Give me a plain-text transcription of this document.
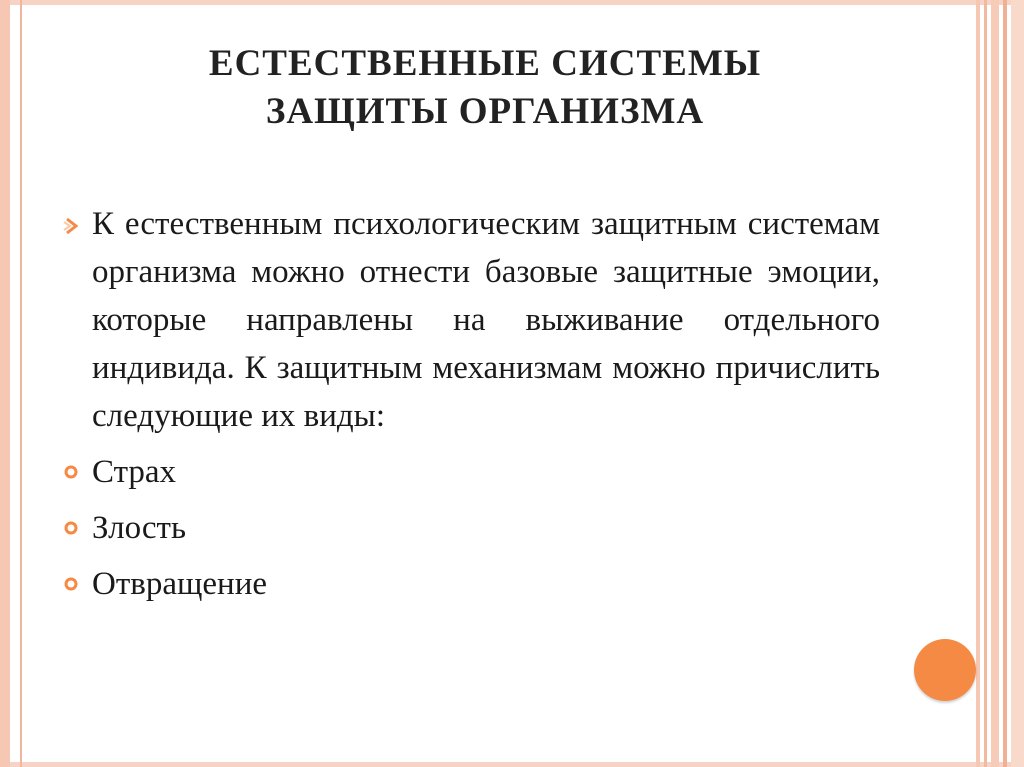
ЕСТЕСТВЕННЫЕ СИСТЕМЫ
ЗАЩИТЫ ОРГАНИЗМА
К естественным психологическим защитным системам организма можно отнести базовые защитные эмоции, которые направлены на выживание отдельного индивида. К защитным механизмам можно причислить следующие их виды:
Страх
Злость
Отвращение
